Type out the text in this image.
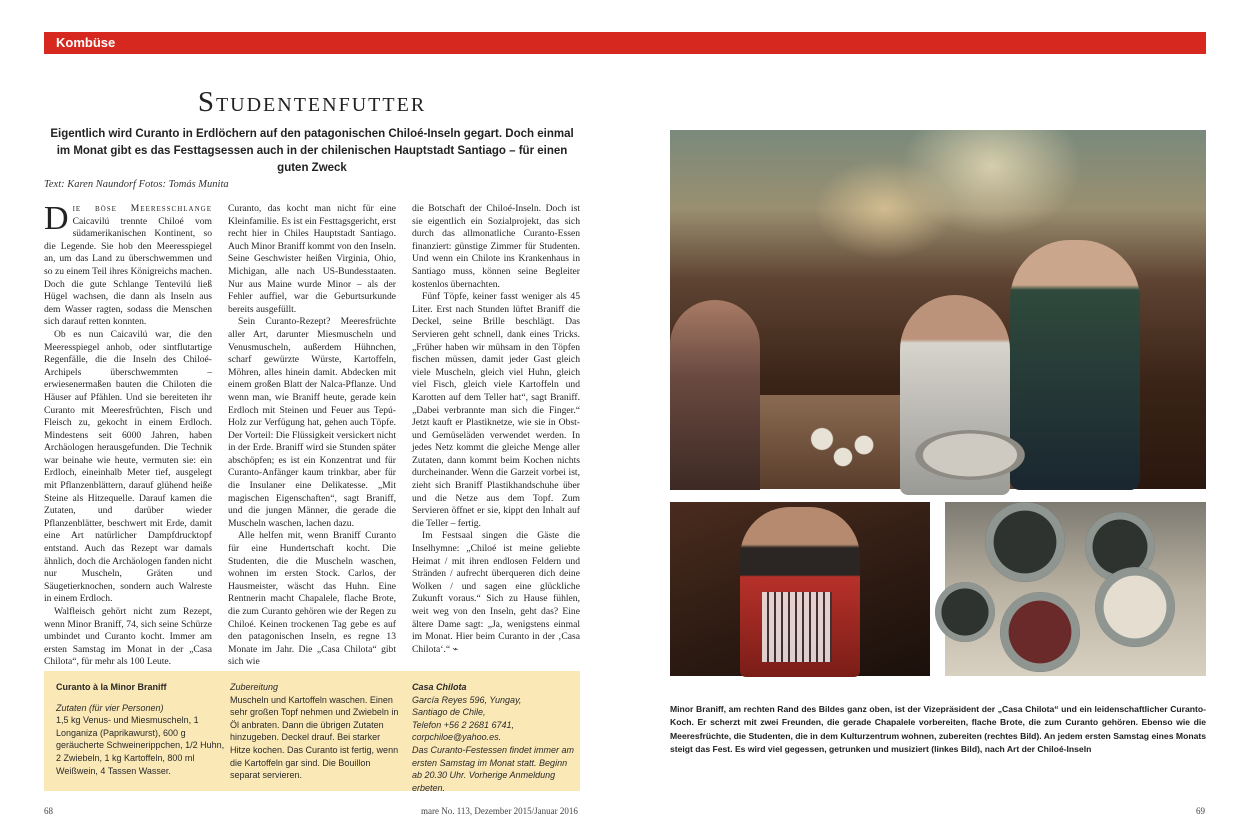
Kombüse
Studentenfutter
Eigentlich wird Curanto in Erdlöchern auf den patagonischen Chiloé-Inseln gegart. Doch einmal im Monat gibt es das Festtagsessen auch in der chilenischen Hauptstadt Santiago – für einen guten Zweck
Text: Karen Naundorf Fotos: Tomás Munita

Die böse Meeresschlange Caicavilú trennte Chiloé vom südamerikanischen Kontinent, so die Legende. Sie hob den Meeresspiegel an, um das Land zu überschwemmen und so zu einem Teil ihres Königreichs machen. Doch die gute Schlange Tentevilú ließ Hügel wachsen, die dann als Inseln aus dem Wasser ragten, sodass die Menschen sich darauf retten konnten.

Ob es nun Caicavilú war, die den Meeresspiegel anhob, oder sintflutartige Regenfälle, die die Inseln des Chiloé-Archipels überschwemmten – erwiesenermaßen bauten die Chiloten die Häuser auf Pfählen. Und sie bereiteten ihr Curanto mit Meeresfrüchten, Fisch und Fleisch zu, gekocht in einem Erdloch. Mindestens seit 6000 Jahren, haben Archäologen herausgefunden. Die Technik war beinahe wie heute, vermuten sie: ein Erdloch, eineinhalb Meter tief, ausgelegt mit Pflanzenblättern, darauf glühend heiße Steine als Hitzequelle. Darauf kamen die Zutaten, und darüber wieder Pflanzenblätter, beschwert mit Erde, damit eine Art natürlicher Dampfdrucktopf entstand. Auch das Rezept war damals ähnlich, doch die Archäologen fanden nicht nur Muscheln, Gräten und Säugetierknochen, sondern auch Walreste in einem Erdloch.

Walfleisch gehört nicht zum Rezept, wenn Minor Braniff, 74, sich seine Schürze umbindet und Curanto kocht. Immer am ersten Samstag im Monat in der „Casa Chilota“, für mehr als 100 Leute.

Curanto, das kocht man nicht für eine Kleinfamilie. Es ist ein Festtagsgericht, erst recht hier in Chiles Hauptstadt Santiago. Auch Minor Braniff kommt von den Inseln. Seine Geschwister heißen Virginia, Ohio, Michigan, alle nach US-Bundesstaaten. Nur aus Maine wurde Minor – als der Fehler auffiel, war die Geburtsurkunde bereits ausgefüllt.

Sein Curanto-Rezept? Meeresfrüchte aller Art, darunter Miesmuscheln und Venusmuscheln, außerdem Hühnchen, scharf gewürzte Würste, Kartoffeln, Möhren, alles hinein damit. Abdecken mit einem großen Blatt der Nalca-Pflanze. Und wenn man, wie Braniff heute, gerade kein Erdloch mit Steinen und Feuer aus Tepú-Holz zur Verfügung hat, gehen auch Töpfe. Der Vorteil: Die Flüssigkeit versickert nicht in der Erde. Braniff wird sie Stunden später abschöpfen; es ist ein Konzentrat und für Curanto-Anfänger kaum trinkbar, aber für die Insulaner eine Delikatesse. „Mit magischen Eigenschaften“, sagt Braniff, und die jungen Männer, die gerade die Muscheln waschen, lachen dazu.

Alle helfen mit, wenn Braniff Curanto für eine Hundertschaft kocht. Die Studenten, die die Muscheln waschen, wohnen im ersten Stock. Carlos, der Hausmeister, wäscht das Huhn. Eine Rentnerin macht Chapalele, flache Brote, die zum Curanto gehören wie der Regen zu Chiloé. Keinen trockenen Tag gebe es auf den patagonischen Inseln, es regne 13 Monate im Jahr. Die „Casa Chilota“ gibt sich wie

die Botschaft der Chiloé-Inseln. Doch ist sie eigentlich ein Sozialprojekt, das sich durch das allmonatliche Curanto-Essen finanziert: günstige Zimmer für Studenten. Und wenn ein Chilote ins Krankenhaus in Santiago muss, können seine Begleiter kostenlos übernachten.

Fünf Töpfe, keiner fasst weniger als 45 Liter. Erst nach Stunden lüftet Braniff die Deckel, seine Brille beschlägt. Das Servieren geht schnell, dank eines Tricks. „Früher haben wir mühsam in den Töpfen fischen müssen, damit jeder Gast gleich viele Muscheln, gleich viel Huhn, gleich viel Fisch, gleich viele Kartoffeln und Karotten auf dem Teller hat“, sagt Braniff. „Dabei verbrannte man sich die Finger.“ Jetzt kauft er Plastiknetze, wie sie in Obst- und Gemüseläden verwendet werden. In jedes Netz kommt die gleiche Menge aller Zutaten, dann kommt beim Kochen nichts durcheinander. Wenn die Garzeit vorbei ist, zieht sich Braniff Plastikhandschuhe über und die Netze aus dem Topf. Zum Servieren öffnet er sie, kippt den Inhalt auf die Teller – fertig.

Im Festsaal singen die Gäste die Inselhymne: „Chiloé ist meine geliebte Heimat / mit ihren endlosen Feldern und Stränden / aufrecht überqueren dich deine Wolken / und sagen eine glückliche Zukunft voraus.“ Sich zu Hause fühlen, weit weg von den Inseln, geht das? Eine ältere Dame sagt: „Ja, wenigstens einmal im Monat. Hier beim Curanto in der ‚Casa Chilota‘.“ ⌁

Curanto à la Minor Braniff
Zutaten (für vier Personen)
1,5 kg Venus- und Miesmuscheln, 1 Longaniza (Paprikawurst), 600 g geräucherte Schweinerippchen, 1/2 Huhn, 2 Zwiebeln, 1 kg Kartoffeln, 800 ml Weißwein, 4 Tassen Wasser.
Zubereitung
Muscheln und Kartoffeln waschen. Einen sehr großen Topf nehmen und Zwiebeln in Öl anbraten. Dann die übrigen Zutaten hinzugeben. Deckel drauf. Bei starker Hitze kochen. Das Curanto ist fertig, wenn die Kartoffeln gar sind. Die Bouillon separat servieren.
Casa Chilota
García Reyes 596, Yungay,
Santiago de Chile,
Telefon +56 2 2681 6741,
corpchiloe@yahoo.es.
Das Curanto-Festessen findet immer am ersten Samstag im Monat statt. Beginn ab 20.30 Uhr. Vorherige Anmeldung erbeten.
68	mare No. 113, Dezember 2015/Januar 2016	69
Minor Braniff, am rechten Rand des Bildes ganz oben, ist der Vizepräsident der „Casa Chilota“ und ein leidenschaftlicher Curanto-Koch. Er scherzt mit zwei Freunden, die gerade Chapalele vorbereiten, flache Brote, die zum Curanto gehören. Ebenso wie die Meeresfrüchte, die Studenten, die in dem Kulturzentrum wohnen, zubereiten (rechtes Bild). An jedem ersten Samstag eines Monats steigt das Fest. Es wird viel gegessen, getrunken und musiziert (linkes Bild), nach Art der Chiloé-Inseln
